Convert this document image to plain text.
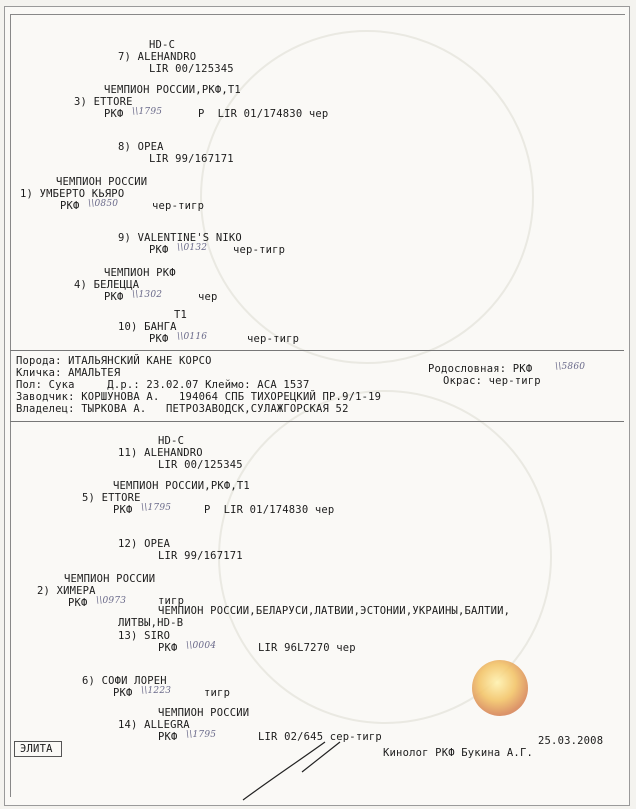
HD-C
7) ALEHANDRO
LIR 00/125345
ЧЕМПИОН РОССИИ,РКФ,Т1
3) ETTORE
РКФ \\1795	P  LIR 01/174830 чер
8) OPEA
LIR 99/167171
ЧЕМПИОН РОССИИ
1) УМБЕРТО КЬЯРО
РКФ \\0850	чер-тигр
9) VALENTINE'S NIKO
РКФ \\0132 чер-тигр
ЧЕМПИОН РКФ
4) БЕЛЕЦЦА
РКФ \\1302	чер
Т1
10) БАНГА
РКФ \\0116	чер-тигр
Порода: ИТАЛЬЯНСКИЙ КАНЕ КОРСО
Кличка: АМАЛЬТЕЯ
Пол: Сука     Д.р.: 23.02.07 Клеймо: АСА 1537
Заводчик: КОРШУНОВА А.   194064 СПБ ТИХОРЕЦКИЙ ПР.9/1-19
Владелец: ТЫРКОВА А.   ПЕТРОЗАВОДСК,СУЛАЖГОРСКАЯ 52
Родословная: РКФ	\\5860
Окрас: чер-тигр
HD-C
11) ALEHANDRO
LIR 00/125345
ЧЕМПИОН РОССИИ,РКФ,Т1
5) ETTORE
РКФ \\1795	P  LIR 01/174830 чер
12) OPEA
LIR 99/167171
ЧЕМПИОН РОССИИ
2) ХИМЕРА
РКФ \\0973	тигр
ЧЕМПИОН РОССИИ,БЕЛАРУСИ,ЛАТВИИ,ЭСТОНИИ,УКРАИНЫ,БАЛТИИ,
ЛИТВЫ,HD-B
13) SIRO
РКФ \\0004	LIR 96L7270 чер
6) СОФИ ЛОРЕН
РКФ \\1223	тигр
ЧЕМПИОН РОССИИ
14) ALLEGRA
РКФ \\1795	LIR 02/645 сер-тигр
ЭЛИТА
25.03.2008
Кинолог РКФ Букина А.Г.
